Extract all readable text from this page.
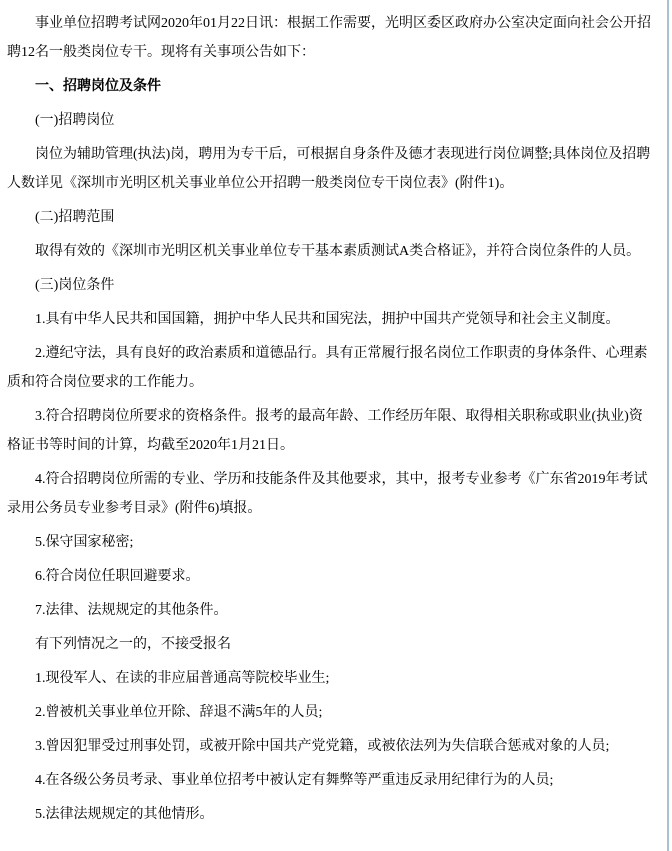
事业单位招聘考试网2020年01月22日讯：根据工作需要，光明区委区政府办公室决定面向社会公开招聘12名一般类岗位专干。现将有关事项公告如下：

一、招聘岗位及条件

(一)招聘岗位

岗位为辅助管理(执法)岗，聘用为专干后，可根据自身条件及德才表现进行岗位调整;具体岗位及招聘人数详见《深圳市光明区机关事业单位公开招聘一般类岗位专干岗位表》(附件1)。

(二)招聘范围

取得有效的《深圳市光明区机关事业单位专干基本素质测试A类合格证》，并符合岗位条件的人员。

(三)岗位条件

1.具有中华人民共和国国籍，拥护中华人民共和国宪法，拥护中国共产党领导和社会主义制度。

2.遵纪守法，具有良好的政治素质和道德品行。具有正常履行报名岗位工作职责的身体条件、心理素质和符合岗位要求的工作能力。

3.符合招聘岗位所要求的资格条件。报考的最高年龄、工作经历年限、取得相关职称或职业(执业)资格证书等时间的计算，均截至2020年1月21日。

4.符合招聘岗位所需的专业、学历和技能条件及其他要求，其中，报考专业参考《广东省2019年考试录用公务员专业参考目录》(附件6)填报。

5.保守国家秘密;

6.符合岗位任职回避要求。

7.法律、法规规定的其他条件。

有下列情况之一的，不接受报名

1.现役军人、在读的非应届普通高等院校毕业生;

2.曾被机关事业单位开除、辞退不满5年的人员;

3.曾因犯罪受过刑事处罚，或被开除中国共产党党籍，或被依法列为失信联合惩戒对象的人员;

4.在各级公务员考录、事业单位招考中被认定有舞弊等严重违反录用纪律行为的人员;

5.法律法规规定的其他情形。
